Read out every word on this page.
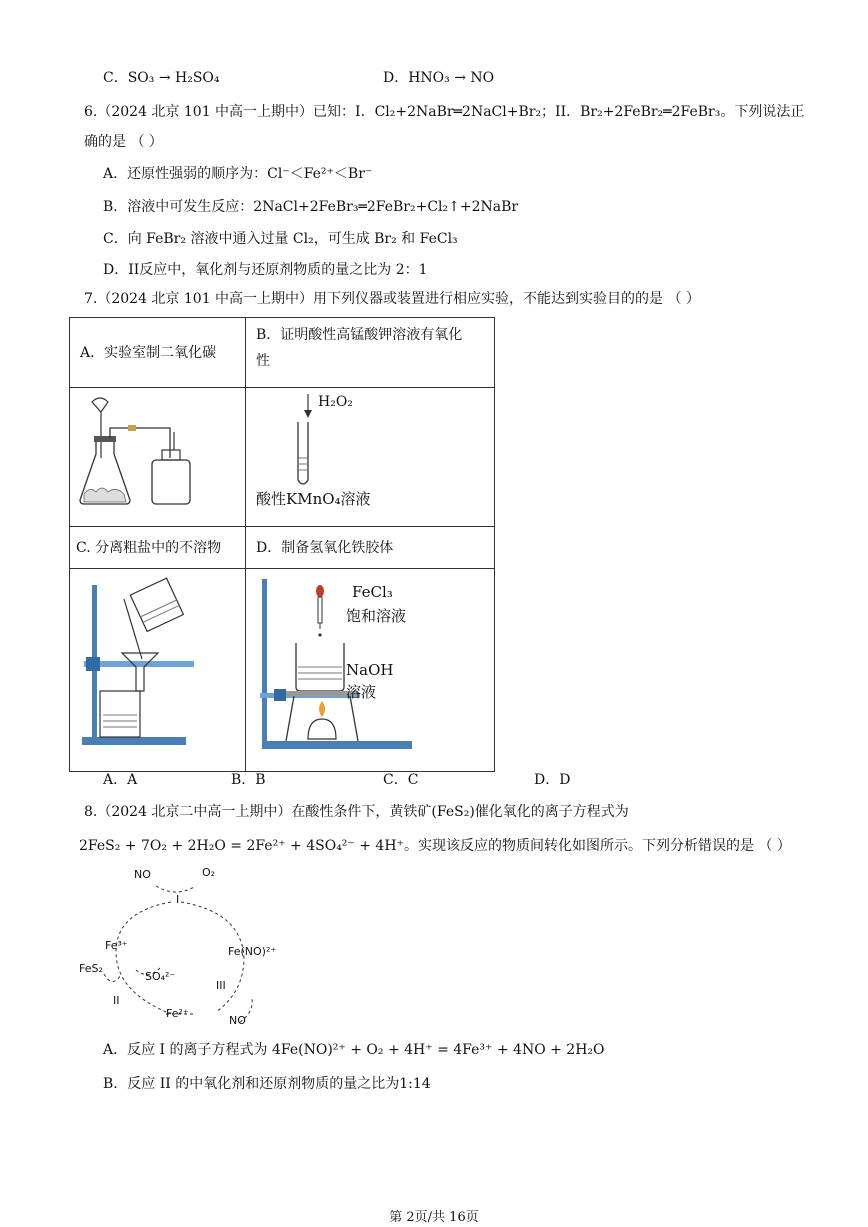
C．SO₃ → H₂SO₄	D．HNO₃ → NO
6.（2024 北京 101 中高一上期中）已知：I．Cl₂+2NaBr═2NaCl+Br₂；II．Br₂+2FeBr₂═2FeBr₃。下列说法正
确的是 （ ）
A．还原性强弱的顺序为：Cl⁻＜Fe²⁺＜Br⁻
B．溶液中可发生反应：2NaCl+2FeBr₃═2FeBr₂+Cl₂↑+2NaBr
C．向 FeBr₂ 溶液中通入过量 Cl₂，可生成 Br₂ 和 FeCl₃
D．II反应中，氧化剂与还原剂物质的量之比为 2：1
7.（2024 北京 101 中高一上期中）用下列仪器或装置进行相应实验，不能达到实验目的的是 （ ）
A．实验室制二氧化碳	B．证明酸性高锰酸钾溶液有氧化
性

H₂O₂
酸性KMnO₄溶液

C. 分离粗盐中的不溶物	D．制备氢氧化铁胶体

FeCl₃
饱和溶液
NaOH
溶液
A．A	B．B	C．C	D．D
8.（2024 北京二中高一上期中）在酸性条件下，黄铁矿(FeS₂)催化氧化的离子方程式为
2FeS₂ + 7O₂ + 2H₂O = 2Fe²⁺ + 4SO₄²⁻ + 4H⁺。实现该反应的物质间转化如图所示。下列分析错误的是 （ ）
NO	O₂
I
Fe³⁺	Fe(NO)²⁺
FeS₂
SO₄²⁻
II
III
Fe²⁺
NO
A．反应 I 的离子方程式为 4Fe(NO)²⁺ + O₂ + 4H⁺ = 4Fe³⁺ + 4NO + 2H₂O
B．反应 II 的中氧化剂和还原剂物质的量之比为1:14
第 2页/共 16页
